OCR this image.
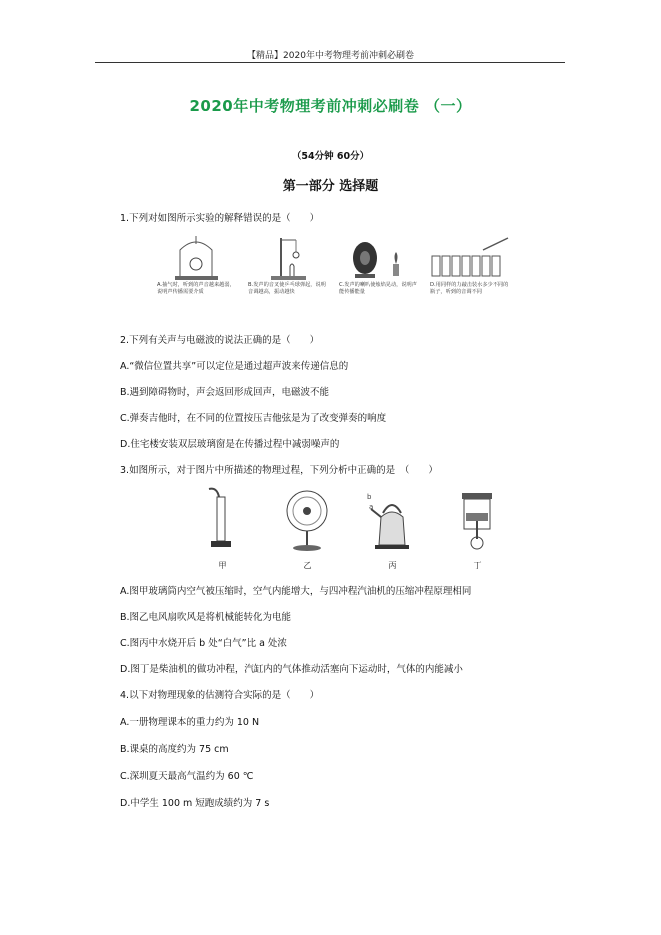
【精品】2020年中考物理考前冲刺必刷卷
2020年中考物理考前冲刺必刷卷 （一）
（54分钟 60分）
第一部分 选择题
1.下列对如图所示实验的解释错误的是（　　）
A.抽气时，听到的声音越来越弱，说明声传播需要介质
B.发声的音叉使乒乓球弹起，说明音调越高，振动越快
C.发声的喇叭使烛焰晃动，说明声能传播能量
D.用同样的力敲击装水多少不同的瓶子，听到的音调不同
2.下列有关声与电磁波的说法正确的是（　　）
A.“微信位置共享”可以定位是通过超声波来传递信息的
B.遇到障碍物时，声会返回形成回声，电磁波不能
C.弹奏吉他时，在不同的位置按压吉他弦是为了改变弹奏的响度
D.住宅楼安装双层玻璃窗是在传播过程中减弱噪声的
3.如图所示，对于图片中所描述的物理过程，下列分析中正确的是　（　　）
甲	乙
b
a
丙	丁
A.图甲玻璃筒内空气被压缩时，空气内能增大，与四冲程汽油机的压缩冲程原理相同
B.图乙电风扇吹风是将机械能转化为电能
C.图丙中水烧开后 b 处“白气”比 a 处浓
D.图丁是柴油机的做功冲程，汽缸内的气体推动活塞向下运动时，气体的内能减小
4.以下对物理现象的估测符合实际的是（　　）
A.一册物理课本的重力约为 10 N
B.课桌的高度约为 75 cm
C.深圳夏天最高气温约为 60 ℃
D.中学生 100 m 短跑成绩约为 7 s
